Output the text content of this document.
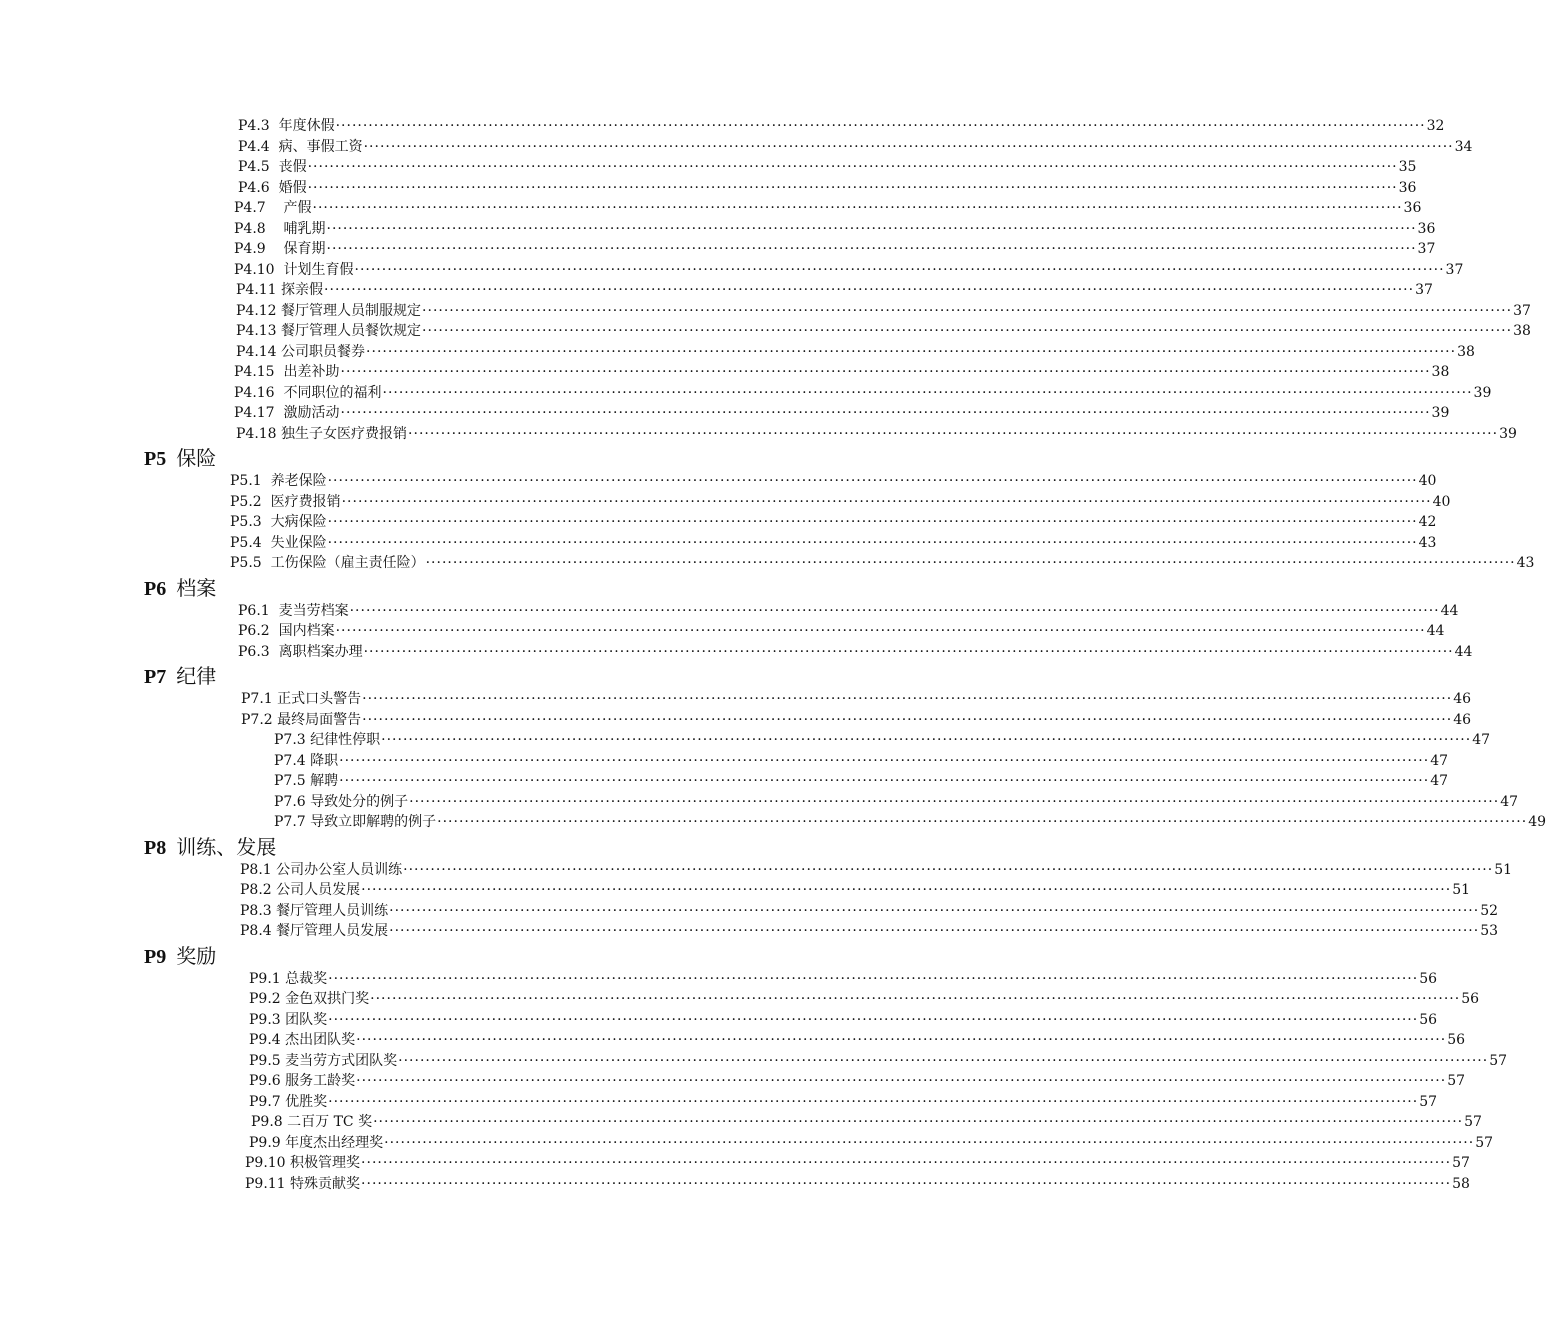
P4.3  年度休假 ········································································································································································································ 32
P4.4  病、事假工资 ········································································································································································································ 34
P4.5  丧假 ········································································································································································································ 35
P4.6  婚假 ········································································································································································································ 36
P4.7    产假 ········································································································································································································ 36
P4.8    哺乳期 ········································································································································································································ 36
P4.9    保育期 ········································································································································································································ 37
P4.10  计划生育假 ········································································································································································································ 37
P4.11 探亲假 ········································································································································································································ 37
P4.12 餐厅管理人员制服规定 ········································································································································································································ 37
P4.13 餐厅管理人员餐饮规定 ········································································································································································································ 38
P4.14 公司职员餐券 ········································································································································································································ 38
P4.15  出差补助 ········································································································································································································ 38
P4.16  不同职位的福利 ········································································································································································································ 39
P4.17  激励活动 ········································································································································································································ 39
P4.18 独生子女医疗费报销 ········································································································································································································ 39
P5 保险
P5.1  养老保险 ········································································································································································································ 40
P5.2  医疗费报销 ········································································································································································································ 40
P5.3  大病保险 ········································································································································································································ 42
P5.4  失业保险 ········································································································································································································ 43
P5.5  工伤保险（雇主责任险） ········································································································································································································ 43
P6 档案
P6.1  麦当劳档案 ········································································································································································································ 44
P6.2  国内档案 ········································································································································································································ 44
P6.3  离职档案办理 ········································································································································································································ 44
P7 纪律
P7.1 正式口头警告 ········································································································································································································ 46
P7.2 最终局面警告 ········································································································································································································ 46
P7.3 纪律性停职 ········································································································································································································ 47
P7.4 降职 ········································································································································································································ 47
P7.5 解聘 ········································································································································································································ 47
P7.6 导致处分的例子 ········································································································································································································ 47
P7.7 导致立即解聘的例子 ········································································································································································································ 49
P8 训练、发展
P8.1 公司办公室人员训练 ········································································································································································································ 51
P8.2 公司人员发展 ········································································································································································································ 51
P8.3 餐厅管理人员训练 ········································································································································································································ 52
P8.4 餐厅管理人员发展 ········································································································································································································ 53
P9 奖励
P9.1 总裁奖 ········································································································································································································ 56
P9.2 金色双拱门奖 ········································································································································································································ 56
P9.3 团队奖 ········································································································································································································ 56
P9.4 杰出团队奖 ········································································································································································································ 56
P9.5 麦当劳方式团队奖 ········································································································································································································ 57
P9.6 服务工龄奖 ········································································································································································································ 57
P9.7 优胜奖 ········································································································································································································ 57
P9.8 二百万 TC 奖 ········································································································································································································ 57
P9.9 年度杰出经理奖 ········································································································································································································ 57
P9.10 积极管理奖 ········································································································································································································ 57
P9.11 特殊贡献奖 ········································································································································································································ 58
